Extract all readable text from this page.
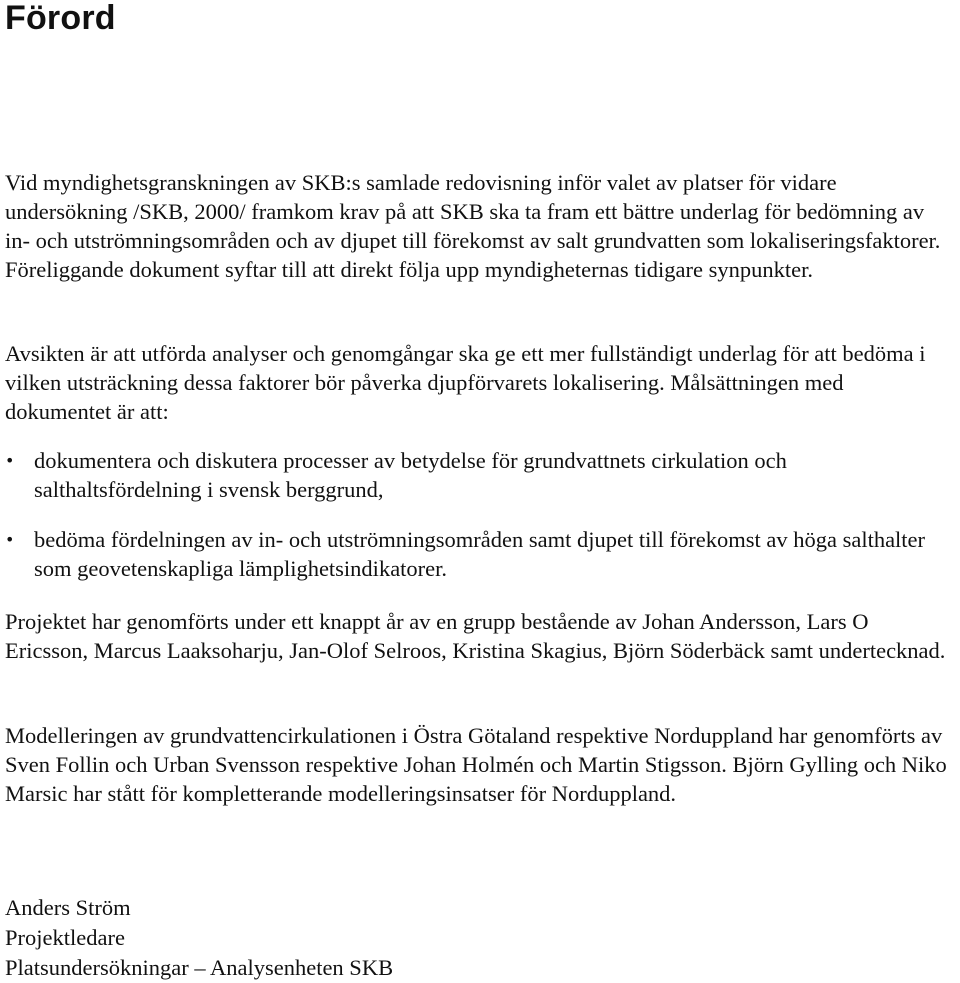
Förord

Vid myndighetsgranskningen av SKB:s samlade redovisning inför valet av platser för vidare undersökning /SKB, 2000/ framkom krav på att SKB ska ta fram ett bättre underlag för bedömning av in- och utströmningsområden och av djupet till förekomst av salt grundvatten som lokaliseringsfaktorer. Föreliggande dokument syftar till att direkt följa upp myndigheternas tidigare synpunkter.

Avsikten är att utförda analyser och genomgångar ska ge ett mer fullständigt underlag för att bedöma i vilken utsträckning dessa faktorer bör påverka djupförvarets lokalisering. Målsättningen med dokumentet är att:

• dokumentera och diskutera processer av betydelse för grundvattnets cirkulation och salthaltsfördelning i svensk berggrund,
• bedöma fördelningen av in- och utströmningsområden samt djupet till förekomst av höga salthalter som geovetenskapliga lämplighetsindikatorer.

Projektet har genomförts under ett knappt år av en grupp bestående av Johan Andersson, Lars O Ericsson, Marcus Laaksoharju, Jan-Olof Selroos, Kristina Skagius, Björn Söderbäck samt undertecknad.

Modelleringen av grundvattencirkulationen i Östra Götaland respektive Norduppland har genomförts av Sven Follin och Urban Svensson respektive Johan Holmén och Martin Stigsson. Björn Gylling och Niko Marsic har stått för kompletterande modelleringsinsatser för Norduppland.

Anders Ström
Projektledare
Platsundersökningar – Analysenheten SKB
